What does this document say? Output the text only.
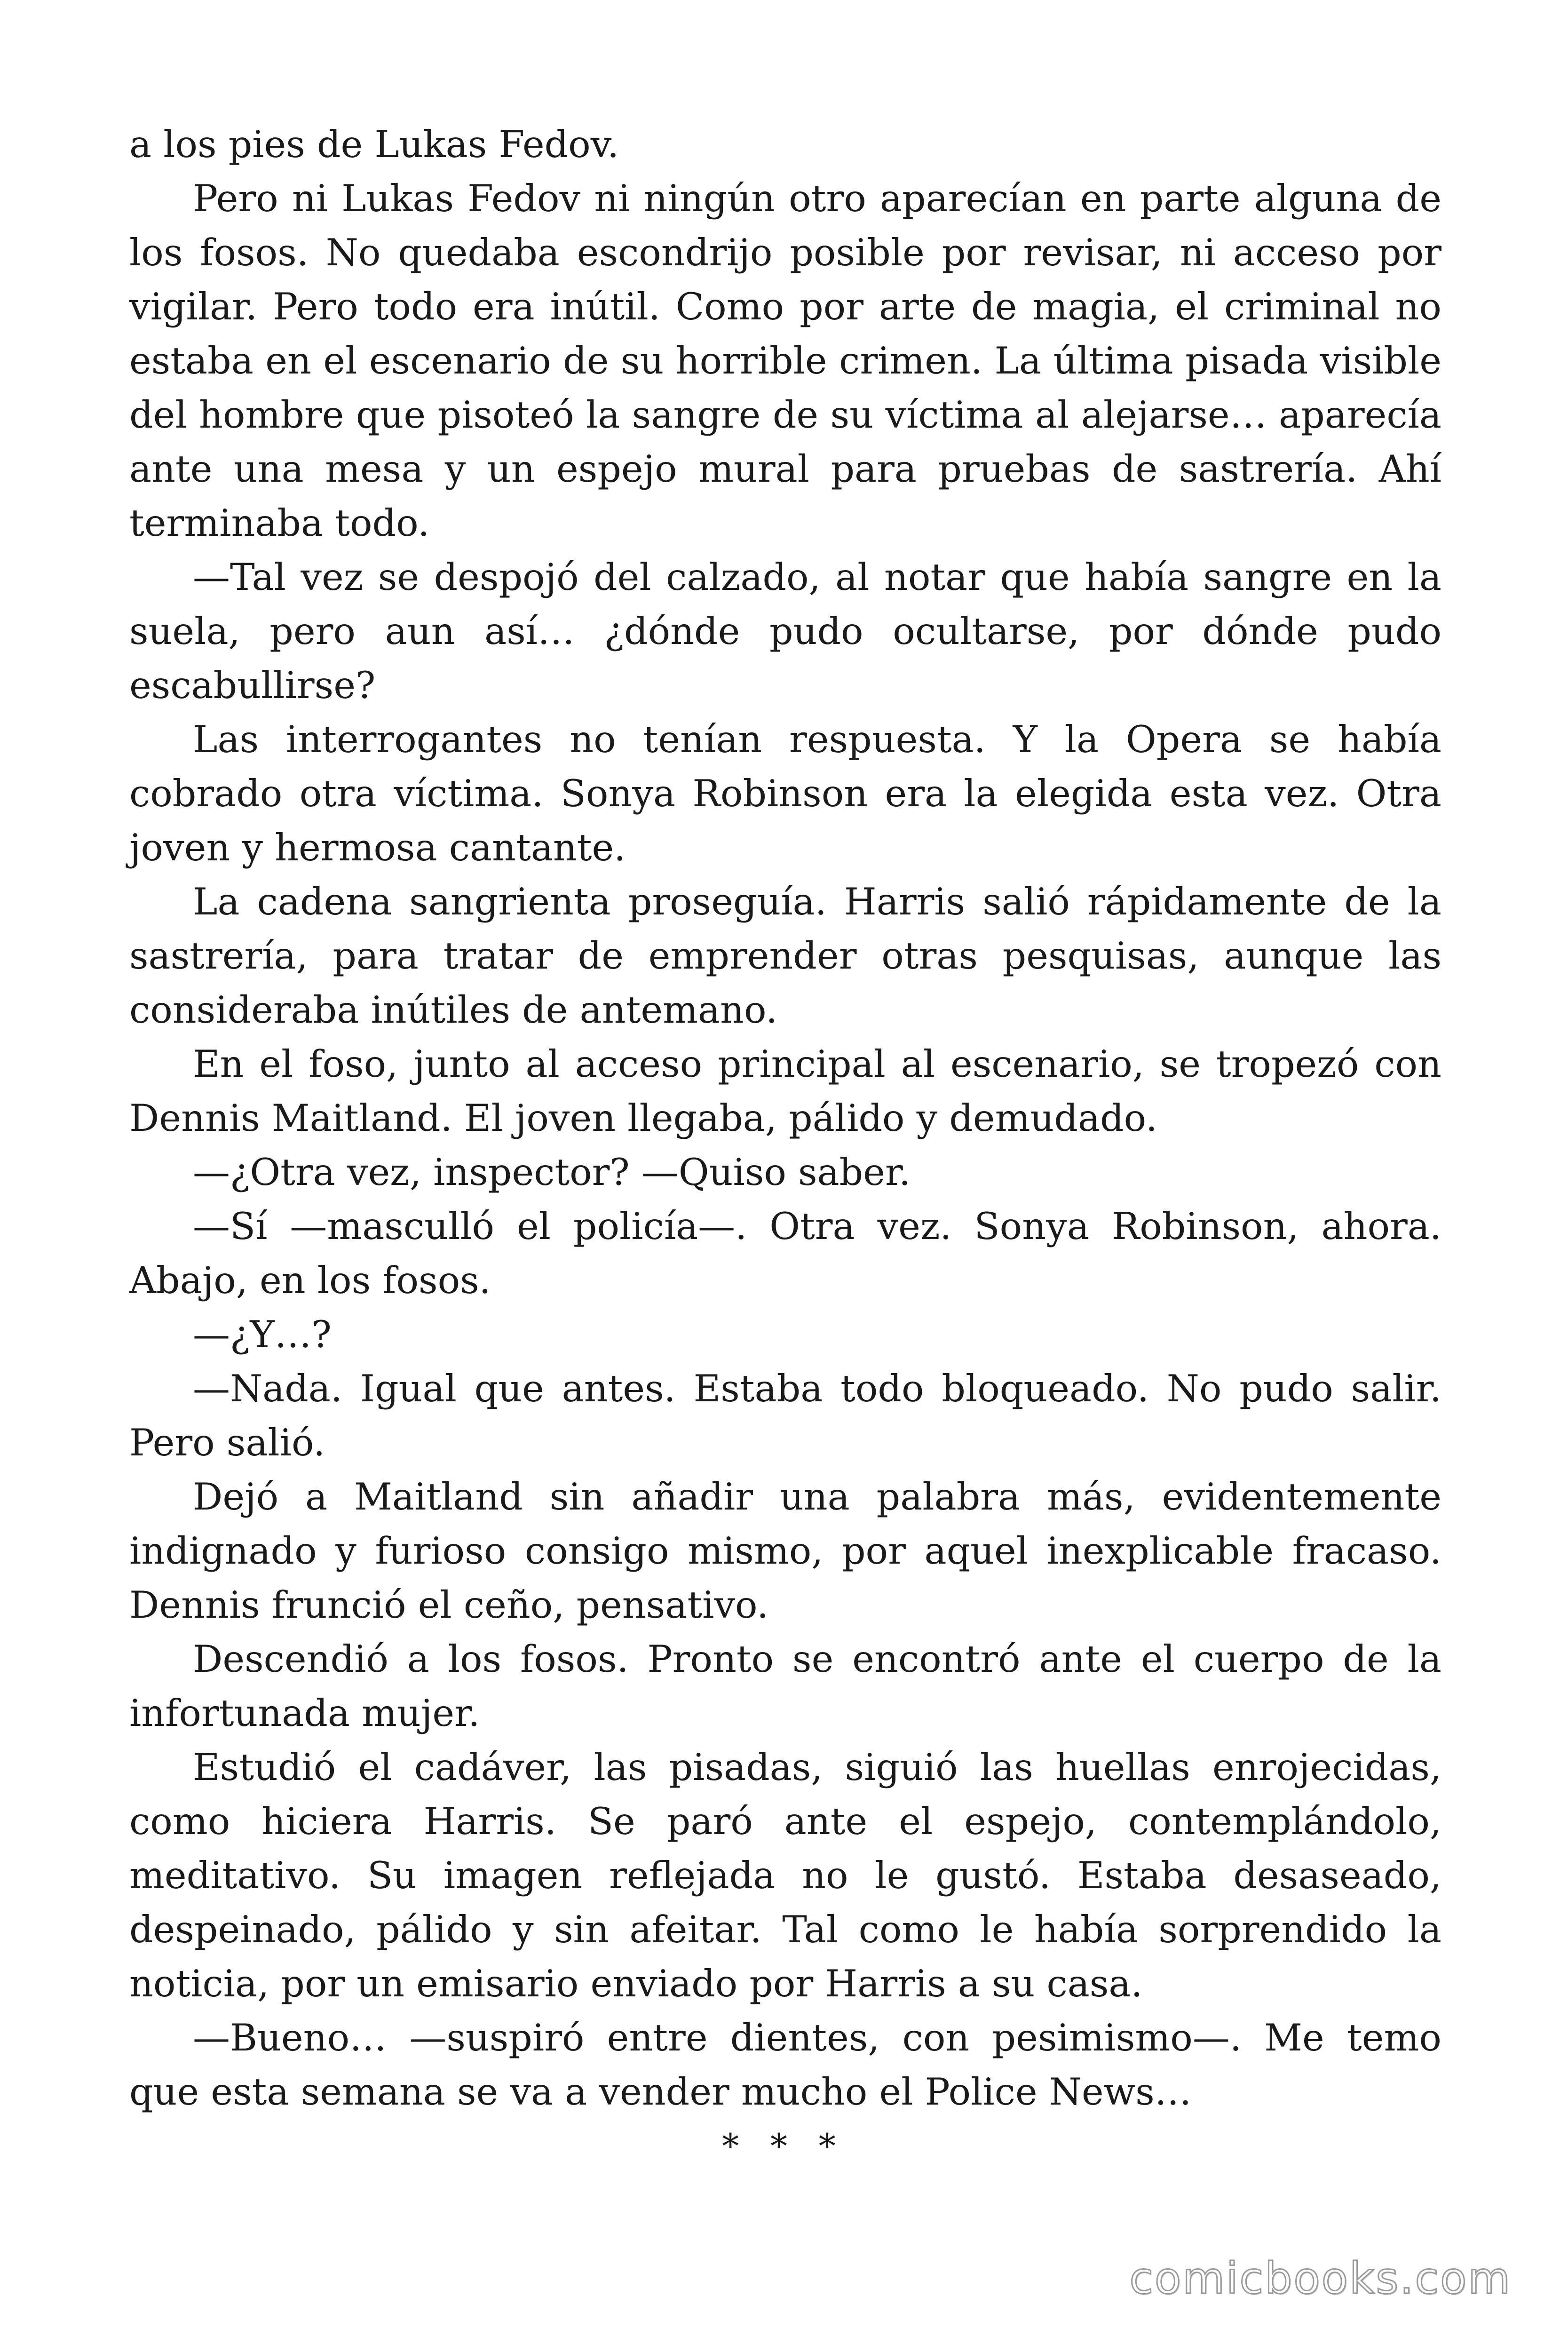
a los pies de Lukas Fedov.

Pero ni Lukas Fedov ni ningún otro aparecían en parte alguna de los fosos. No quedaba escondrijo posible por revisar, ni acceso por vigilar. Pero todo era inútil. Como por arte de magia, el criminal no estaba en el escenario de su horrible crimen. La última pisada visible del hombre que pisoteó la sangre de su víctima al alejarse… aparecía ante una mesa y un espejo mural para pruebas de sastrería. Ahí terminaba todo.

—Tal vez se despojó del calzado, al notar que había sangre en la suela, pero aun así… ¿dónde pudo ocultarse, por dónde pudo escabullirse?

Las interrogantes no tenían respuesta. Y la Opera se había cobrado otra víctima. Sonya Robinson era la elegida esta vez. Otra joven y hermosa cantante.

La cadena sangrienta proseguía. Harris salió rápidamente de la sastrería, para tratar de emprender otras pesquisas, aunque las consideraba inútiles de antemano.

En el foso, junto al acceso principal al escenario, se tropezó con Dennis Maitland. El joven llegaba, pálido y demudado.

—¿Otra vez, inspector? —Quiso saber.

—Sí —mascullό el policía—. Otra vez. Sonya Robinson, ahora. Abajo, en los fosos.

—¿Y…?

—Nada. Igual que antes. Estaba todo bloqueado. No pudo salir. Pero salió.

Dejó a Maitland sin añadir una palabra más, evidentemente indignado y furioso consigo mismo, por aquel inexplicable fracaso. Dennis frunció el ceño, pensativo.

Descendió a los fosos. Pronto se encontró ante el cuerpo de la infortunada mujer.

Estudió el cadáver, las pisadas, siguió las huellas enrojecidas, como hiciera Harris. Se paró ante el espejo, contemplándolo, meditativo. Su imagen reflejada no le gustó. Estaba desaseado, despeinado, pálido y sin afeitar. Tal como le había sorprendido la noticia, por un emisario enviado por Harris a su casa.

—Bueno… —suspiró entre dientes, con pesimismo—. Me temo que esta semana se va a vender mucho el Police News…

* * *
comicbooks.com
